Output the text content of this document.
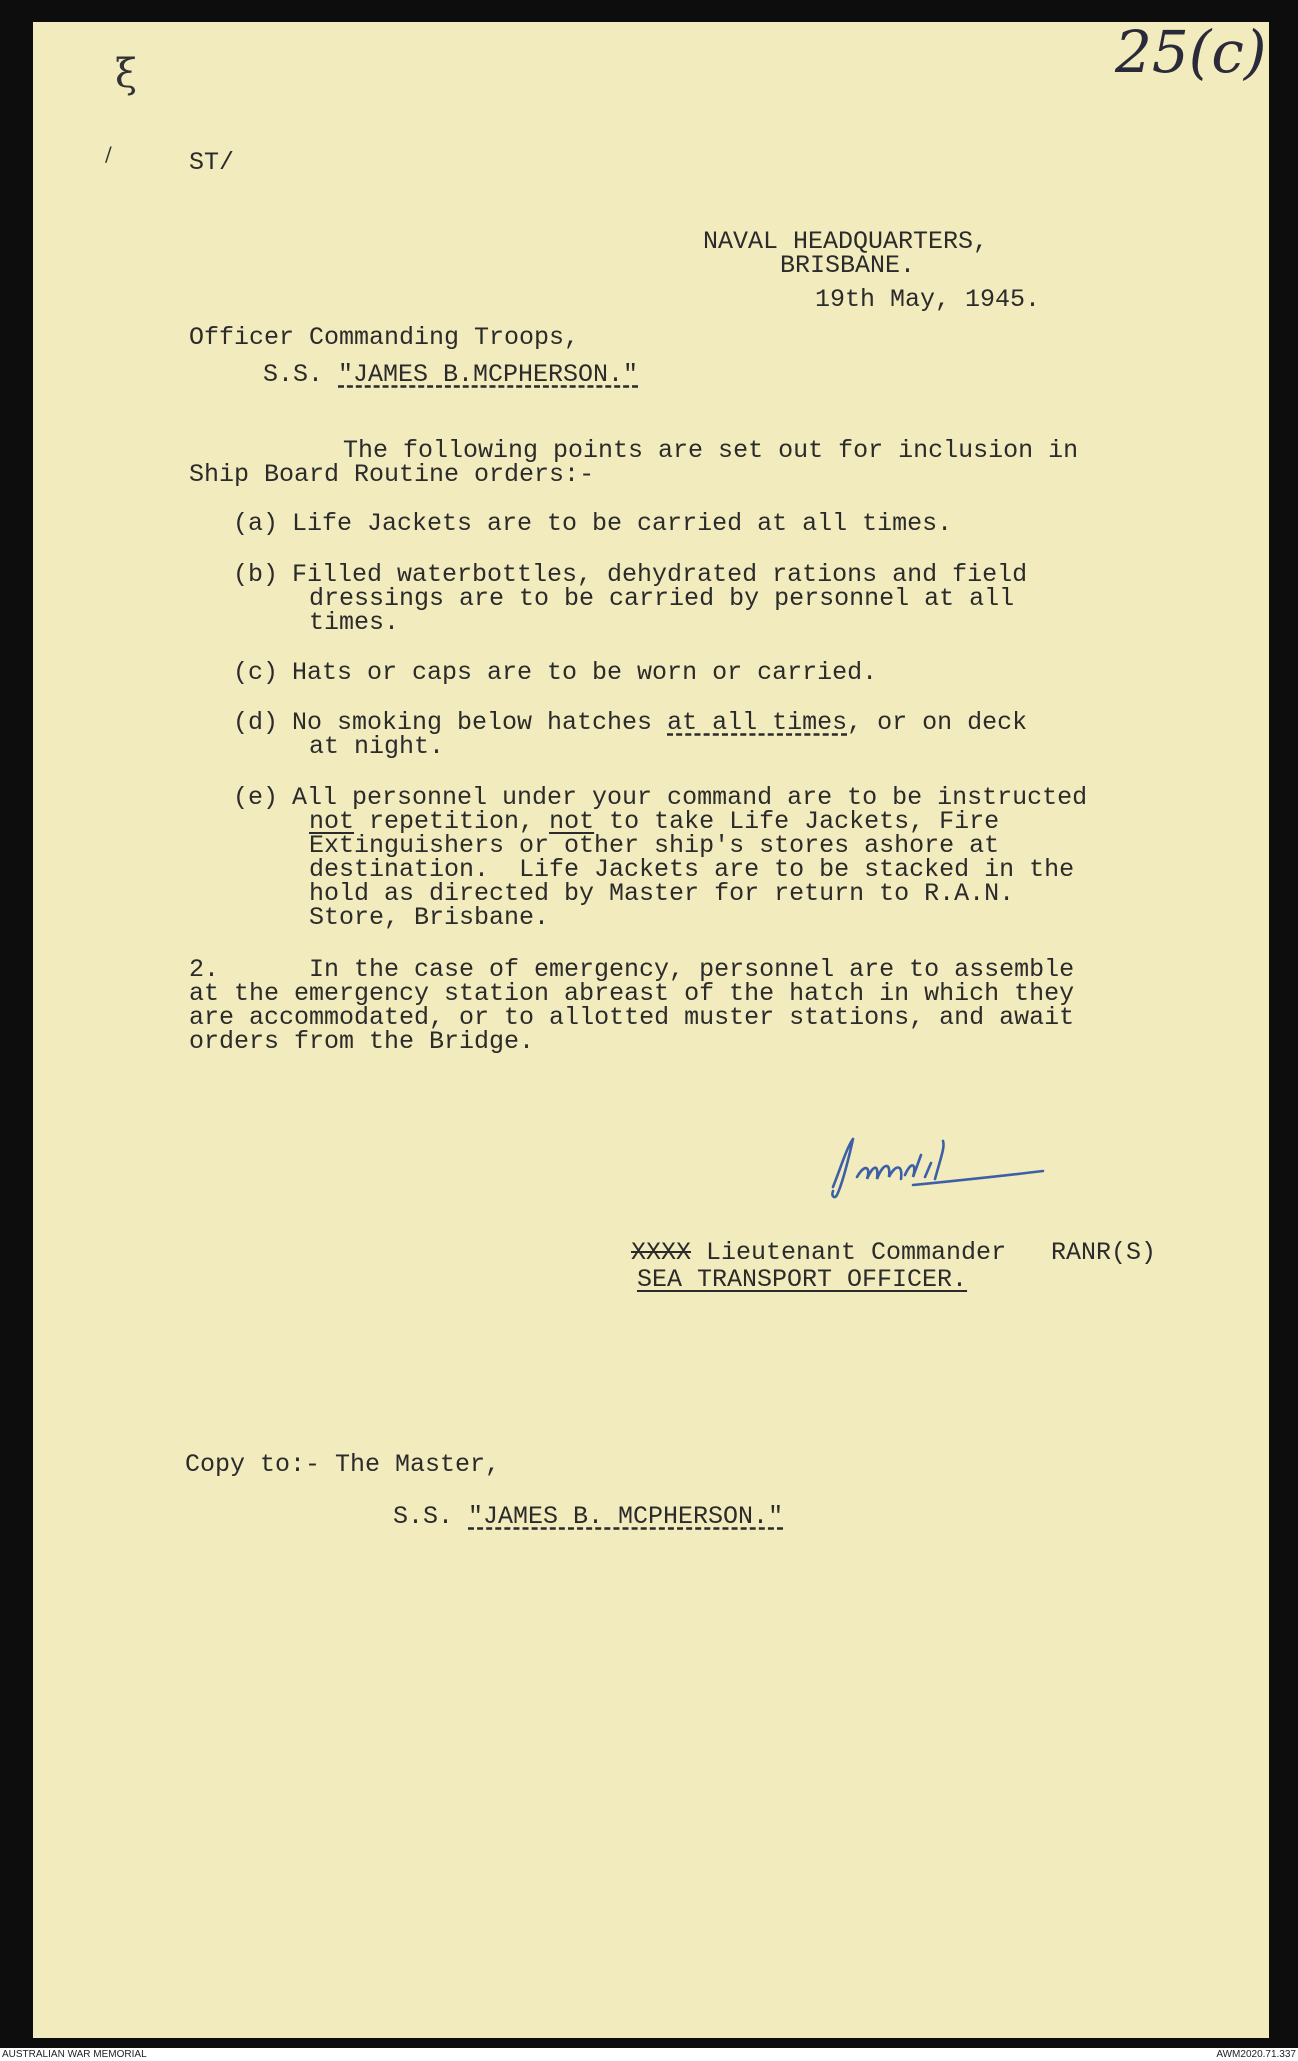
25(c)
ξ
/	ST/
NAVAL HEADQUARTERS,
BRISBANE.
19th May, 1945.
Officer Commanding Troops,
S.S. "JAMES B.MCPHERSON."
The following points are set out for inclusion in
Ship Board Routine orders:-
(a) Life Jackets are to be carried at all times.
(b) Filled waterbottles, dehydrated rations and field
dressings are to be carried by personnel at all
times.
(c) Hats or caps are to be worn or carried.
(d) No smoking below hatches at all times, or on deck
at night.
(e) All personnel under your command are to be instructed
not repetition, not to take Life Jackets, Fire
Extinguishers or other ship's stores ashore at
destination.  Life Jackets are to be stacked in the
hold as directed by Master for return to R.A.N.
Store, Brisbane.
2.	In the case of emergency, personnel are to assemble
at the emergency station abreast of the hatch in which they
are accommodated, or to allotted muster stations, and await
orders from the Bridge.
XXXX Lieutenant Commander RANR(S)
SEA TRANSPORT OFFICER.
Copy to:- The Master,
S.S. "JAMES B. MCPHERSON."
AUSTRALIAN WAR MEMORIAL	AWM2020.71.337
